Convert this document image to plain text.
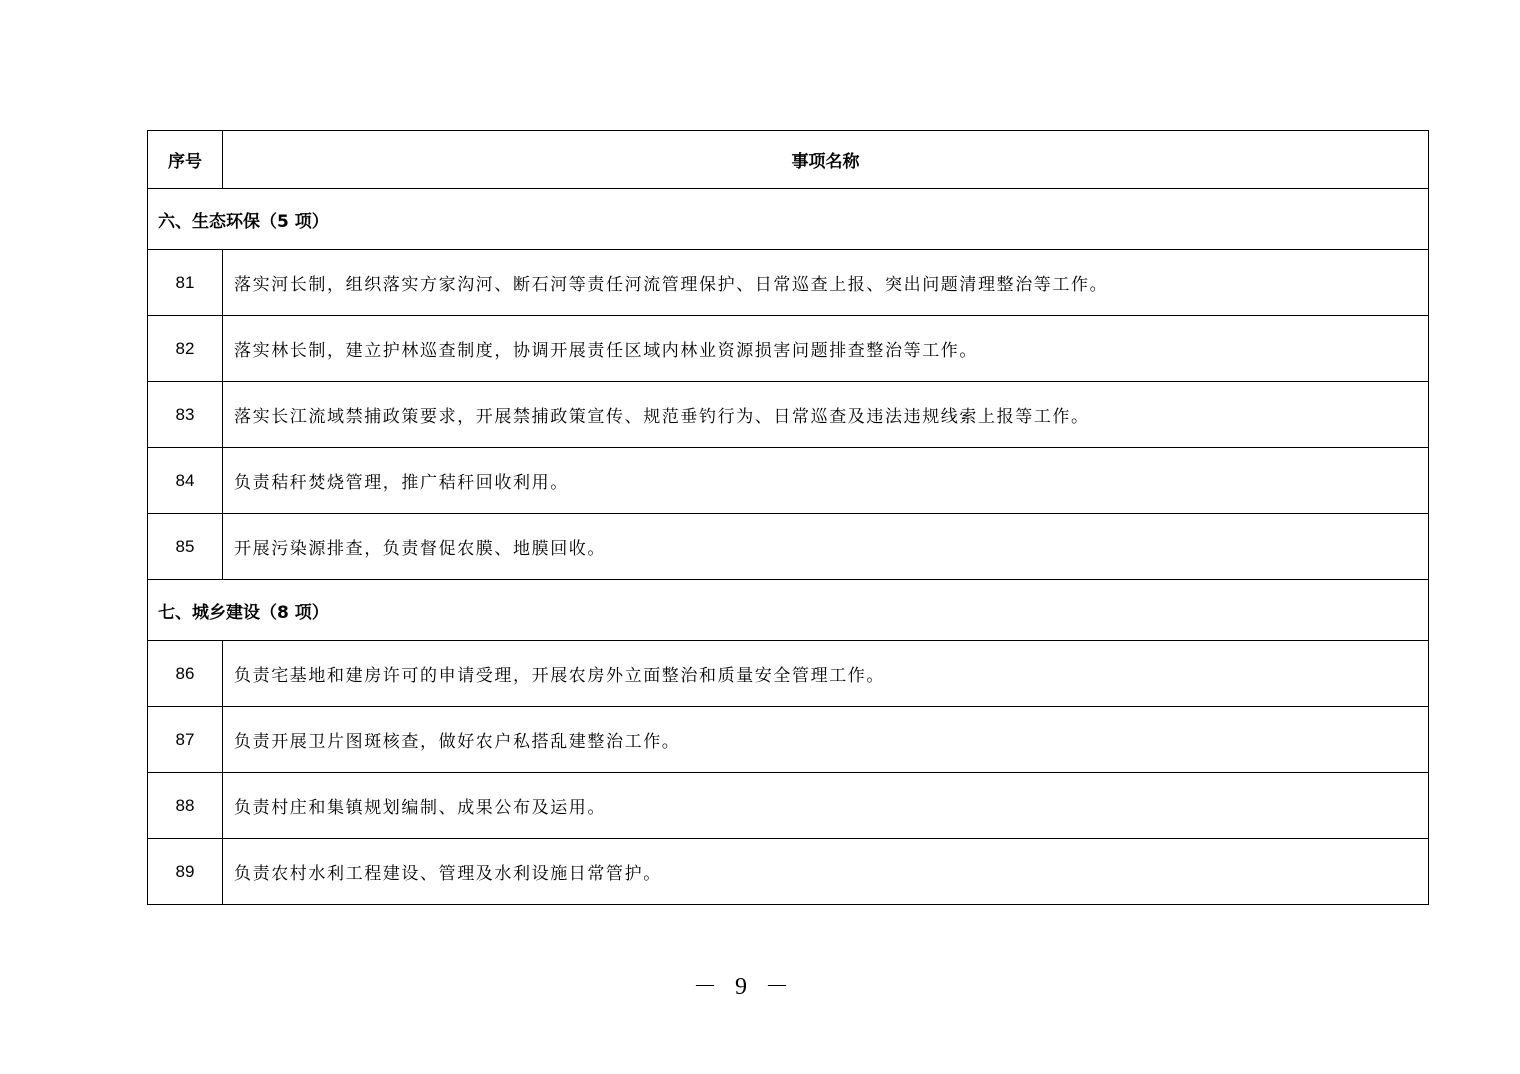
序号	事项名称
六、生态环保（5 项）	
81	落实河长制，组织落实方家沟河、断石河等责任河流管理保护、日常巡查上报、突出问题清理整治等工作。
82	落实林长制，建立护林巡查制度，协调开展责任区域内林业资源损害问题排查整治等工作。
83	落实长江流域禁捕政策要求，开展禁捕政策宣传、规范垂钓行为、日常巡查及违法违规线索上报等工作。
84	负责秸秆焚烧管理，推广秸秆回收利用。
85	开展污染源排查，负责督促农膜、地膜回收。
七、城乡建设（8 项）	
86	负责宅基地和建房许可的申请受理，开展农房外立面整治和质量安全管理工作。
87	负责开展卫片图斑核查，做好农户私搭乱建整治工作。
88	负责村庄和集镇规划编制、成果公布及运用。
89	负责农村水利工程建设、管理及水利设施日常管护。
－ 9 －
